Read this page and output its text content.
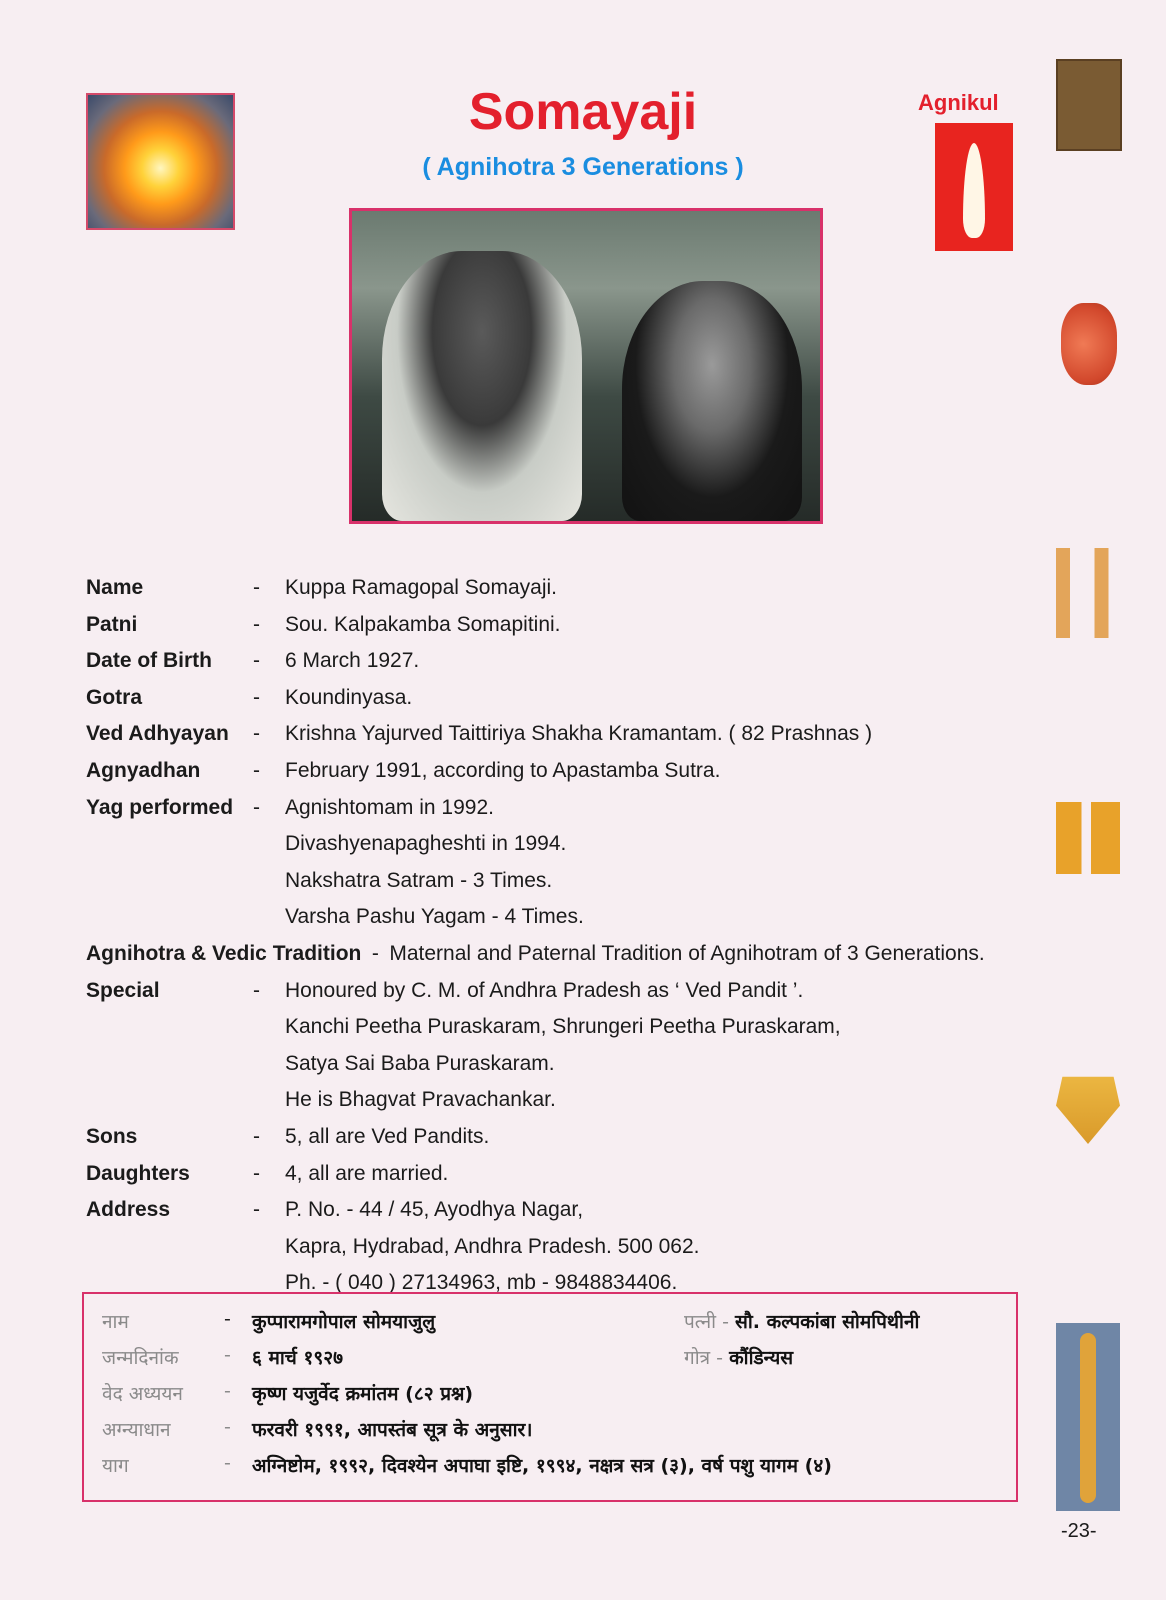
Somayaji
( Agnihotra 3 Generations )
Agnikul
Name	-	Kuppa Ramagopal Somayaji.
Patni	-	Sou. Kalpakamba Somapitini.
Date of Birth	-	6 March 1927.
Gotra	-	Koundinyasa.
Ved Adhyayan	-	Krishna Yajurved Taittiriya Shakha Kramantam. ( 82 Prashnas )
Agnyadhan	-	February 1991, according to Apastamba Sutra.
Yag performed -	Agnishtomam in 1992.
Divashyenapagheshti in 1994.
Nakshatra Satram - 3 Times.
Varsha Pashu Yagam - 4 Times.
Agnihotra & Vedic Tradition - Maternal and Paternal Tradition of Agnihotram of 3 Generations.
Special	-	Honoured by C. M. of Andhra Pradesh as ‘ Ved Pandit ’.
Kanchi Peetha Puraskaram, Shrungeri Peetha Puraskaram,
Satya Sai Baba Puraskaram.
He is Bhagvat Pravachankar.
Sons	-	5, all are Ved Pandits.
Daughters	-	4, all are married.
Address	-	P. No. - 44 / 45, Ayodhya Nagar,
Kapra, Hydrabad, Andhra Pradesh. 500 062.
Ph. - ( 040 ) 27134963, mb - 9848834406.
नाम	- कुप्पारामगोपाल सोमयाजुलु	पत्नी - सौ. कल्पकांबा सोमपिथीनी
जन्मदिनांक - ६ मार्च १९२७	गोत्र - कौंडिन्यस
वेद अध्ययन - कृष्ण यजुर्वेद क्रमांतम (८२ प्रश्न)
अग्न्याधान	- फरवरी १९९१, आपस्तंब सूत्र के अनुसार।
याग	- अग्निष्टोम, १९९२, दिवश्येन अपाघा इष्टि, १९९४, नक्षत्र सत्र (३), वर्ष पशु यागम (४)
-23-
